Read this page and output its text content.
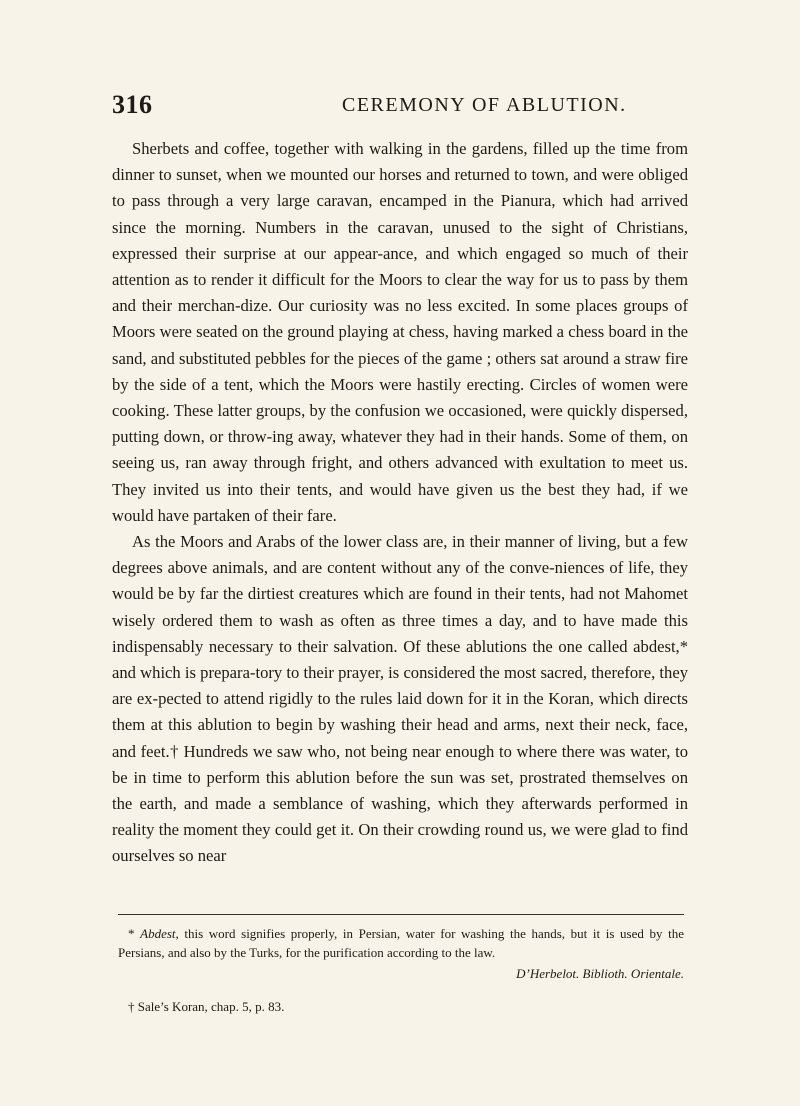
316	CEREMONY OF ABLUTION.

Sherbets and coffee, together with walking in the gardens, filled up the time from dinner to sunset, when we mounted our horses and returned to town, and were obliged to pass through a very large caravan, encamped in the Pianura, which had arrived since the morning. Numbers in the caravan, unused to the sight of Christians, expressed their surprise at our appear-ance, and which engaged so much of their attention as to render it difficult for the Moors to clear the way for us to pass by them and their merchan-dize. Our curiosity was no less excited. In some places groups of Moors were seated on the ground playing at chess, having marked a chess board in the sand, and substituted pebbles for the pieces of the game ; others sat around a straw fire by the side of a tent, which the Moors were hastily erecting. Circles of women were cooking. These latter groups, by the confusion we occasioned, were quickly dispersed, putting down, or throw-ing away, whatever they had in their hands. Some of them, on seeing us, ran away through fright, and others advanced with exultation to meet us. They invited us into their tents, and would have given us the best they had, if we would have partaken of their fare.

As the Moors and Arabs of the lower class are, in their manner of living, but a few degrees above animals, and are content without any of the conve-niences of life, they would be by far the dirtiest creatures which are found in their tents, had not Mahomet wisely ordered them to wash as often as three times a day, and to have made this indispensably necessary to their salvation. Of these ablutions the one called abdest,* and which is prepara-tory to their prayer, is considered the most sacred, therefore, they are ex-pected to attend rigidly to the rules laid down for it in the Koran, which directs them at this ablution to begin by washing their head and arms, next their neck, face, and feet.† Hundreds we saw who, not being near enough to where there was water, to be in time to perform this ablution before the sun was set, prostrated themselves on the earth, and made a semblance of washing, which they afterwards performed in reality the moment they could get it. On their crowding round us, we were glad to find ourselves so near

* Abdest, this word signifies properly, in Persian, water for washing the hands, but it is used by the Persians, and also by the Turks, for the purification according to the law.

D’Herbelot. Biblioth. Orientale.

† Sale’s Koran, chap. 5, p. 83.
